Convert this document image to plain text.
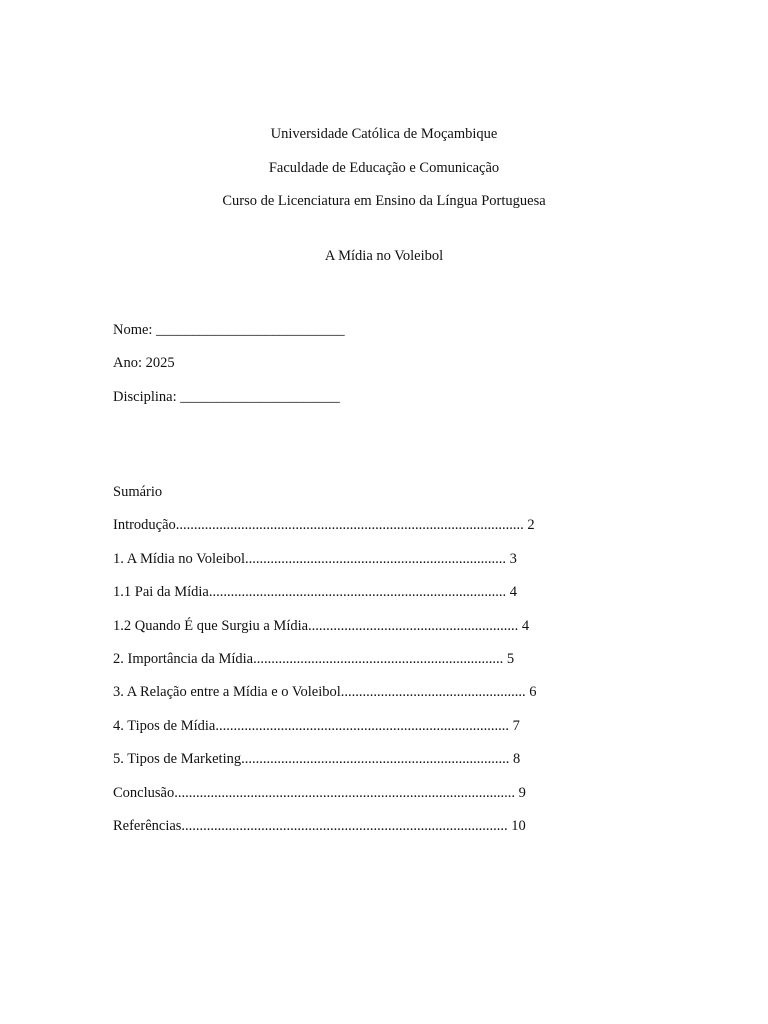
Universidade Católica de Moçambique
Faculdade de Educação e Comunicação
Curso de Licenciatura em Ensino da Língua Portuguesa
A Mídia no Voleibol
Nome: __________________________
Ano: 2025
Disciplina: ______________________
Sumário
Introdução................................................................................................ 2
1. A Mídia no Voleibol........................................................................ 3
1.1 Pai da Mídia.................................................................................. 4
1.2 Quando É que Surgiu a Mídia.......................................................... 4
2. Importância da Mídia..................................................................... 5
3. A Relação entre a Mídia e o Voleibol................................................... 6
4. Tipos de Mídia................................................................................. 7
5. Tipos de Marketing.......................................................................... 8
Conclusão.............................................................................................. 9
Referências.......................................................................................... 10
